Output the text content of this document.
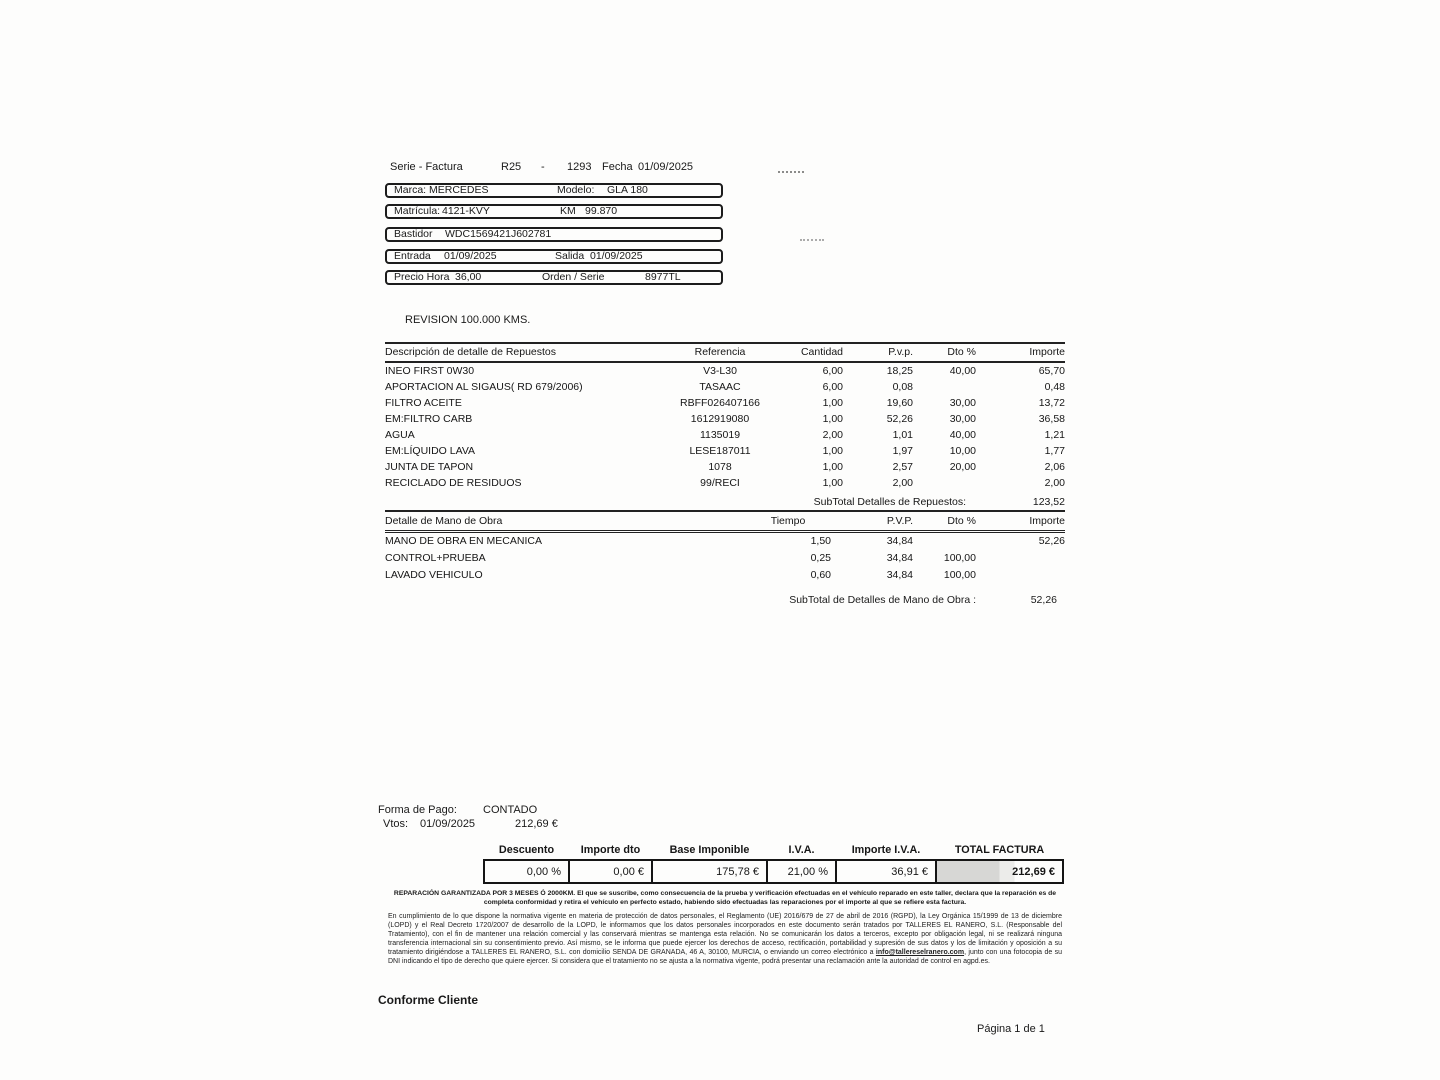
Serie - Factura	R25 - 1293 Fecha 01/09/2025
Marca: MERCEDES	Modelo: GLA 180
Matrícula: 4121-KVY	KM 99.870
Bastidor WDC1569421J602781
Entrada 01/09/2025	Salida 01/09/2025
Precio Hora 36,00	Orden / Serie	8977TL
REVISION 100.000 KMS.
Descripción de detalle de Repuestos	Referencia	Cantidad	P.v.p.	Dto %	Importe
INEO FIRST 0W30	V3-L30	6,00	18,25	40,00	65,70
APORTACION AL SIGAUS( RD 679/2006)	TASAAC	6,00	0,08		0,48
FILTRO ACEITE	RBFF026407166	1,00	19,60	30,00	13,72
EM:FILTRO CARB	1612919080	1,00	52,26	30,00	36,58
AGUA	1135019	2,00	1,01	40,00	1,21
EM:LÍQUIDO LAVA	LESE187011	1,00	1,97	10,00	1,77
JUNTA DE TAPON	1078	1,00	2,57	20,00	2,06
RECICLADO DE RESIDUOS	99/RECI	1,00	2,00		2,00
SubTotal Detalles de Repuestos:					123,52
Detalle de Mano de Obra	Tiempo	P.V.P.	Dto %	Importe
MANO DE OBRA EN MECANICA	1,50	34,84		52,26
CONTROL+PRUEBA	0,25	34,84	100,00	
LAVADO VEHICULO	0,60	34,84	100,00	
SubTotal de Detalles de Mano de Obra :	52,26
Forma de Pago: CONTADO
Vtos: 01/09/2025	212,69 €
Descuento	Importe dto	Base Imponible	I.V.A.	Importe I.V.A.	TOTAL FACTURA
0,00 %	0,00 €	175,78 €	21,00 %	36,91 €	212,69 €

REPARACIÓN GARANTIZADA POR 3 MESES Ó 2000KM. El que se suscribe, como consecuencia de la prueba y verificación efectuadas en el vehículo reparado en este taller, declara que la reparación es de completa conformidad y retira el vehículo en perfecto estado, habiendo sido efectuadas las reparaciones por el importe al que se refiere esta factura.

En cumplimiento de lo que dispone la normativa vigente en materia de protección de datos personales, el Reglamento (UE) 2016/679 de 27 de abril de 2016 (RGPD), la Ley Orgánica 15/1999 de 13 de diciembre (LOPD) y el Real Decreto 1720/2007 de desarrollo de la LOPD, le informamos que los datos personales incorporados en este documento serán tratados por TALLERES EL RANERO, S.L. (Responsable del Tratamiento), con el fin de mantener una relación comercial y las conservará mientras se mantenga esta relación. No se comunicarán los datos a terceros, excepto por obligación legal, ni se realizará ninguna transferencia internacional sin su consentimiento previo. Así mismo, se le informa que puede ejercer los derechos de acceso, rectificación, portabilidad y supresión de sus datos y los de limitación y oposición a su tratamiento dirigiéndose a TALLERES EL RANERO, S.L. con domicilio SENDA DE GRANADA, 46 A, 30100, MURCIA, o enviando un correo electrónico a info@tallereselranero.com, junto con una fotocopia de su DNI indicando el tipo de derecho que quiere ejercer. Si considera que el tratamiento no se ajusta a la normativa vigente, podrá presentar una reclamación ante la autoridad de control en agpd.es.

Conforme Cliente
Página 1 de 1
